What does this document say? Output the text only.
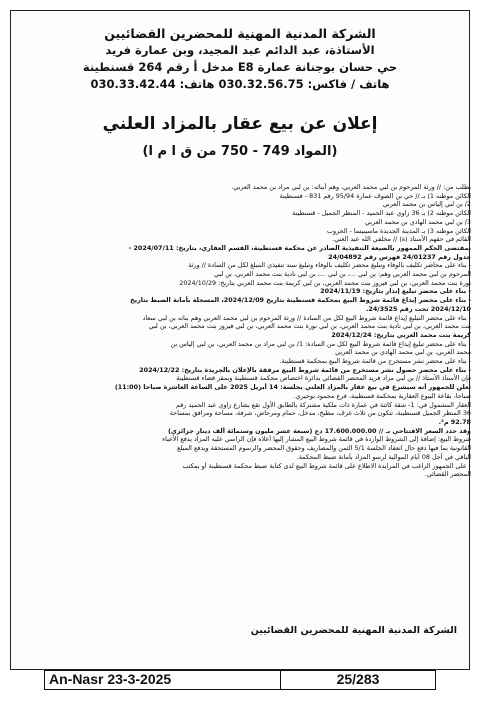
الشركة المدنية المهنية للمحضرين القضائيين
الأستاذة، عبد الدائم عبد المجيد، وبن عمارة فريد
حي حسان بوجنانة عمارة E8 مدخل أ رقم 264 قسنطينة
هاتف / فاكس: 030.32.56.75 هاتف: 030.33.42.44
إعلان عن بيع عقار بالمزاد العلني
(المواد 749 - 750 من ق ا م ا)

بطلب من: // ورثة المرحوم بن لبي محمد العربي، وهم أبنائه: بن لبي مراد بن محمد العربي.

الكائن موطنه 1) بـ // حي بن الصوف عمارة 95/94 رقم 831 - قسنطينة

2/ بن لبي إلياس بن محمد العربي

الكائن موطنه 2) بـ 36 زاوي عبد الحميد - المنظر الجميل - قسنطينة

3/ بن لبي محمد الهادي بن محمد العربي

الكائن موطنه 3) بـ المدينة الجديدة ماسينيسا - الخروب

القائم في حقهم الأستاذ (ة) // مخلفي الله عبد الغني.

بمقتضى الحكم الممهور بالصيغة التنفيذية الصادر عن محكمة قسنطينة، القسم العقاري، بتاريخ: 2024/07/11 -

جدول رقم 24/01237 فهرس رقم 24/04892

- بناء على محاضر تكليف بالوفاء وتبليغ محضر تكليف بالوفاء وتبليغ سند تنفيذي المبلغ لكل من السادة // ورثة

المرحوم بن لبي محمد العربي وهم: بن لبي ...، بن لبي ...، بن لبي نادية بنت محمد العربي، بن لبي

نورة بنت محمد العربي، بن لبي فيروز بنت محمد العربي، بن لبي كريمة بنت محمد العربي بتاريخ: 2024/10/29

- بناء على محضر تبليغ إنذار بتاريخ: 2024/11/19

- بناء على محضر إيداع قائمة شروط البيع بمحكمة قسنطينة بتاريخ 2024/12/09، المسجلة بأمانة الضبط بتاريخ

2024/12/10 تحت رقم 24/3525.

- بناء على محضر التبليغ إيداع قائمة شروط البيع لكل من السادة // ورثة المرحوم بن لبي محمد العربي وهم بناته بن لبي سعاد

بنت محمد العربي، بن لبي نادية بنت محمد العربي، بن لبي نورة بنت محمد العربي، بن لبي فيروز بنت محمد العربي، بن لبي

كريمة بنت محمد العربي بتاريخ: 2024/12/24

- بناء على محضر تبليغ إيداع قائمة شروط البيع لكل من السادة: 1/ بن لبي مراد بن محمد العربي، بن لبي إلياس بن

محمد العربي، بن لبي محمد الهادي بن محمد العربي

- بناء على محضر نشر مستخرج من قائمة شروط البيع بمحكمة قسنطينة.

- بناء على محضر حصول نشر مستخرج من قائمة شروط البيع مرفقة بالإعلان بالجريدة بتاريخ: 2024/12/22

فإن الأستاذ الأستاذ // بن لبي مراد فريد المحضر القضائي بدائرة اختصاص محكمة قسنطينة وبمقر قضاء قسنطينة

تعلن للجمهور أنه سيشرع في بيع عقار بالمزاد العلني بجلسة: 14 أبريل 2025 على الساعة العاشرة صباحا (11:00)

صباحا، بقاعة البيوع العقارية بمحكمة قسنطينة، فرع محمود بوجيري.

العقار المشمول في: 1- شقة كائنة في عمارة ذات ملكية مشتركة بالطابق الأول تقع بشارع زاوي عبد الحميد رقم

36 المنظر الجميل قسنطينة، تتكون من ثلاث غرف، مطبخ، مدخل، حمام ومرحاض، شرفة، مساحة ومرافق بمساحة

92.78 م².

وقد حدد السعر الافتتاحي بـ // 17.600.000.00 دج (سبعة عشر مليون وستمائة ألف دينار جزائري)

شروط البيع: إضافة إلى الشروط الواردة في قائمة شروط البيع المشار إليها أعلاه فإن الراسي عليه المزاد يدفع الأعباء

القانونية بما فيها دفع حال انعقاد الجلسة 5/1 الثمن والمصاريف وحقوق المحضر والرسوم المستحقة ويدفع المبلغ

الباقي في أجل 08 أيام الموالية لرسو المزاد بأمانة ضبط المحكمة.

- على الجمهور الراغب في المزايدة الاطلاع على قائمة شروط البيع لدى كتابة ضبط محكمة قسنطينة أو بمكتب

المحضر القضائي.

الشركة المدنية المهنية للمحضرين القضائيين
An-Nasr 23-3-2025	25/283
